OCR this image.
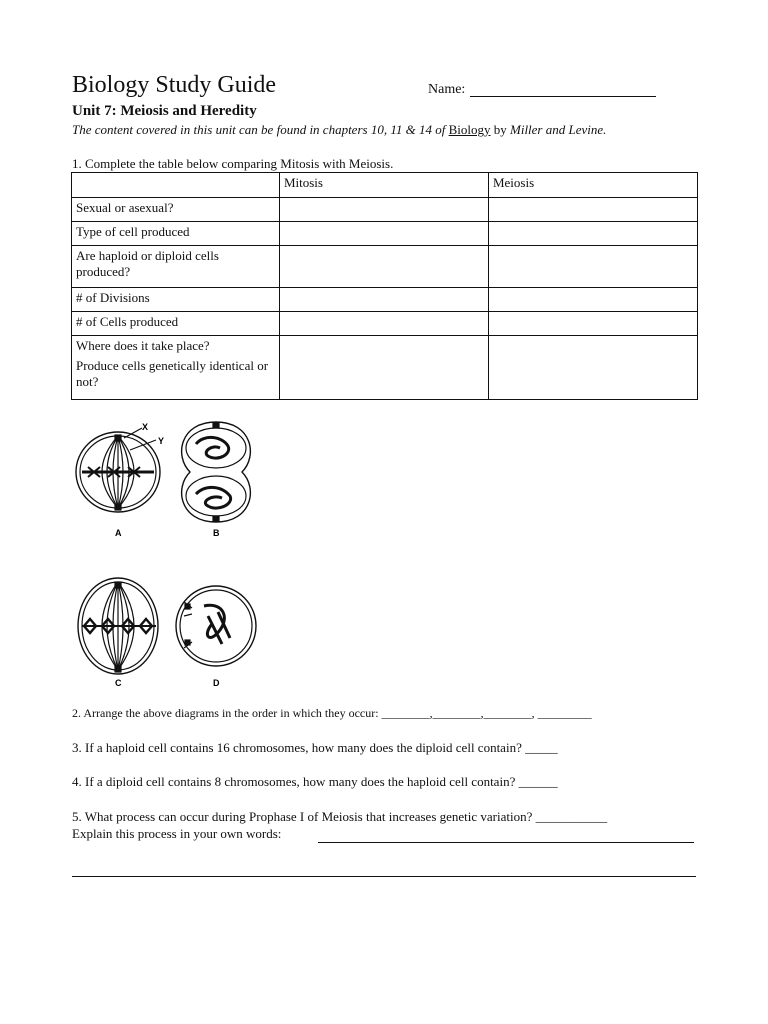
Biology Study Guide	Name:
Unit 7: Meiosis and Heredity
The content covered in this unit can be found in chapters 10, 11 & 14 of Biology by Miller and Levine.
1. Complete the table below comparing Mitosis with Meiosis.
	Mitosis	Meiosis
Sexual or asexual?		
Type of cell produced		
Are haploid or diploid cells produced?		
# of Divisions		
# of Cells produced		

Where does it take place?

Produce cells genetically identical or not?		

X
Y
A	B
C	D
2. Arrange the above diagrams in the order in which they occur: ________,________,________, _________
3. If a haploid cell contains 16 chromosomes, how many does the diploid cell contain? _____
4. If a diploid cell contains 8 chromosomes, how many does the haploid cell contain? ______
5. What process can occur during Prophase I of Meiosis that increases genetic variation? ___________
Explain this process in your own words:
